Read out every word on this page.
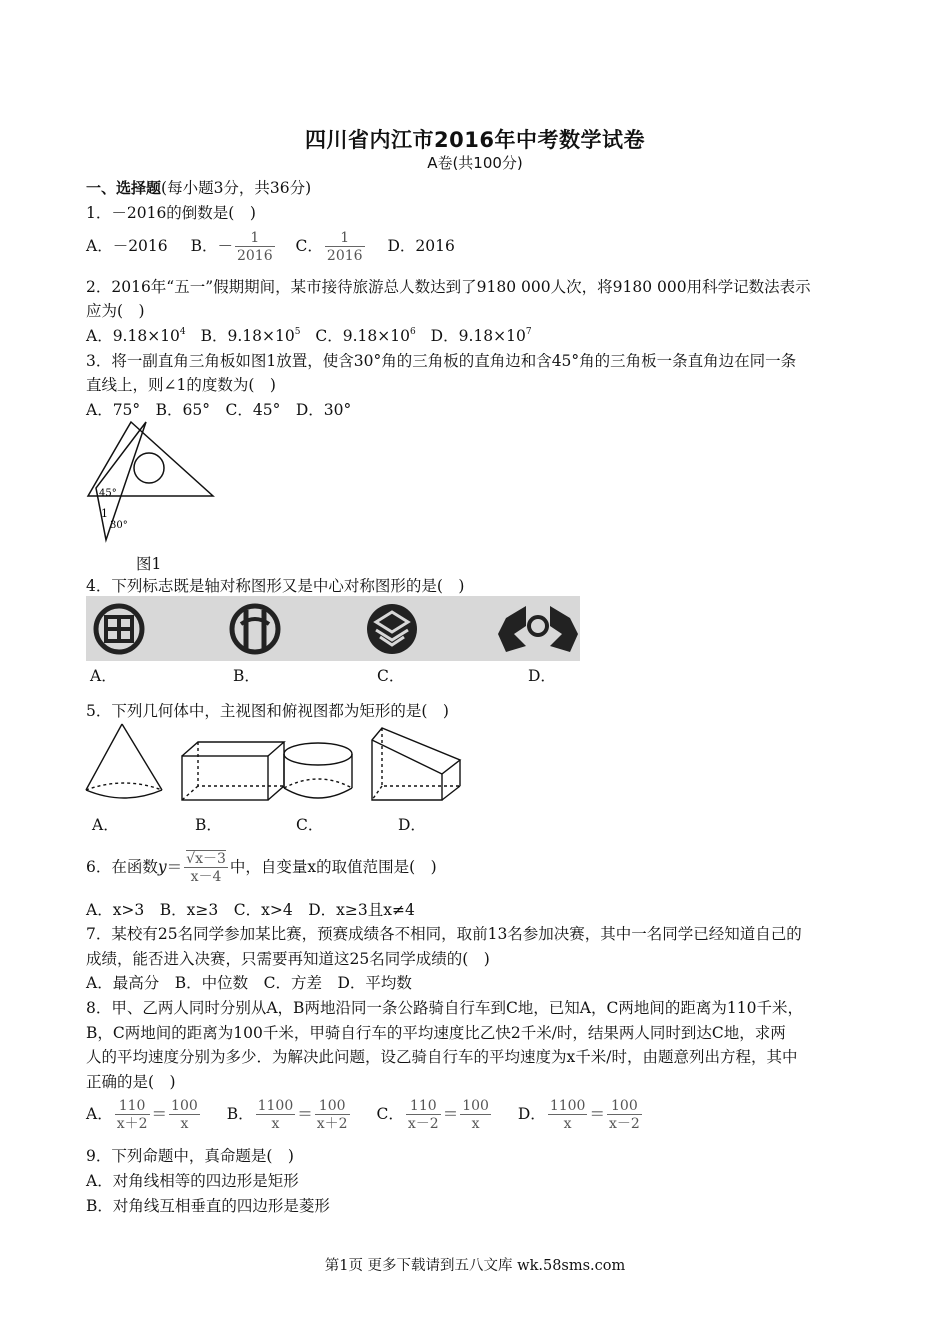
四川省内江市2016年中考数学试卷
A卷(共100分)
一、选择题(每小题3分，共36分)
1．－2016的倒数是(　)
A．－2016 B．－ $\frac{1}{2016}$ C． $\frac{1}{2016}$ D．2016
2．2016年“五一”假期期间，某市接待旅游总人数达到了9180 000人次，将9180 000用科学记数法表示
应为(　)
A．$9.18\times 10^4$ B．$9.18\times 10^5$ C．$9.18\times 10^6$ D．$9.18\times 10^7$
3．将一副直角三角板如图1放置，使含30°角的三角板的直角边和含45°角的三角板一条直角边在同一条
直线上，则∠1的度数为(　)
A．75°　B．65°　C．45°　D．30°
45°
1
30°
图1
4．下列标志既是轴对称图形又是中心对称图形的是(　)
A．	B．	C．	D．
5．下列几何体中，主视图和俯视图都为矩形的是(　)
A．	B．	C．	D．
6．在函数$y= \frac{√x-3}{x-4}$ 中，自变量x的取值范围是(　)
A．x>3　B．x≥3　C．x>4　D．x≥3且x≠4
7．某校有25名同学参加某比赛，预赛成绩各不相同，取前13名参加决赛，其中一名同学已经知道自己的
成绩，能否进入决赛，只需要再知道这25名同学成绩的(　)
A．最高分　B．中位数　C．方差　D．平均数
8．甲、乙两人同时分别从A，B两地沿同一条公路骑自行车到C地，已知A，C两地间的距离为110千米，
B，C两地间的距离为100千米，甲骑自行车的平均速度比乙快2千米/时，结果两人同时到达C地，求两
人的平均速度分别为多少．为解决此问题，设乙骑自行车的平均速度为x千米/时，由题意列出方程，其中
正确的是(　)
A． $\frac{110}{x+2} = \frac{100}{x}$ B． $\frac{1100}{x} = \frac{100}{x+2}$ C． $\frac{110}{x-2} = \frac{100}{x}$ D． $\frac{1100}{x} = \frac{100}{x-2}$
9．下列命题中，真命题是(　)
A．对角线相等的四边形是矩形
B．对角线互相垂直的四边形是菱形
第1页 更多下载请到五八文库 wk.58sms.com
